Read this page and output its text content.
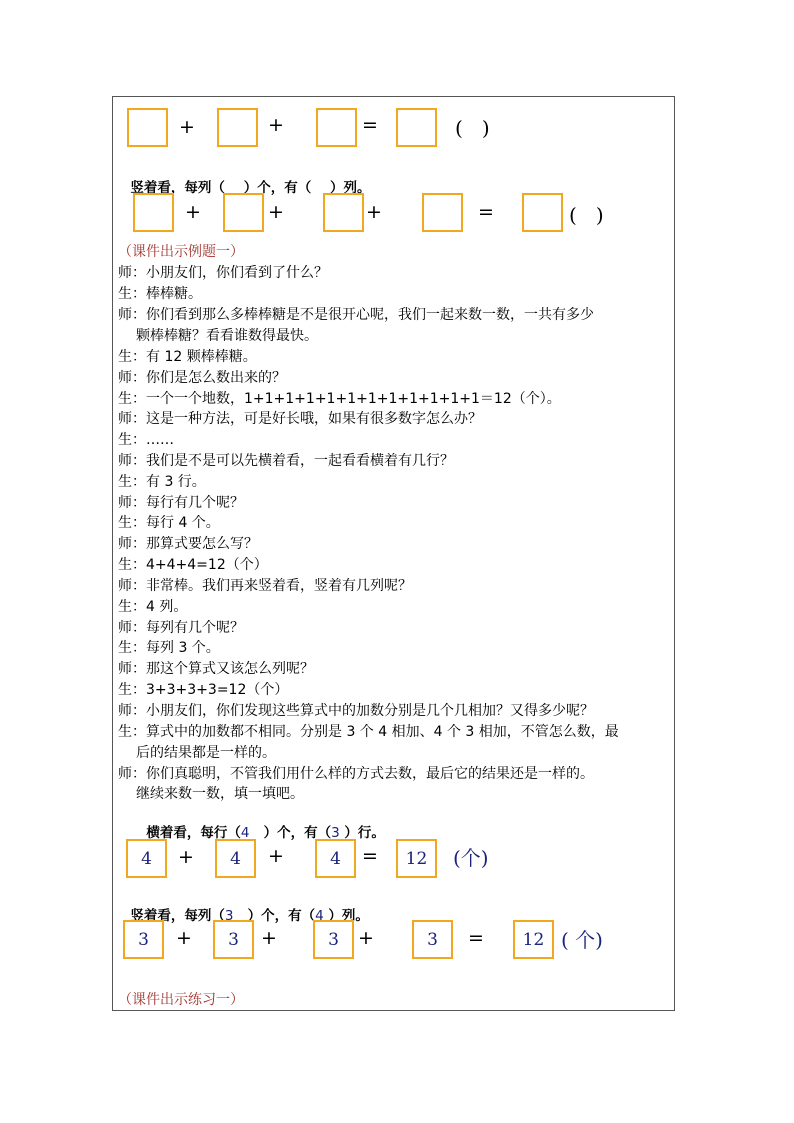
+	+	=	(   )

竖着看，每列（ ）个，有（ ）列。

+	+	+	=	(   )
（课件出示例题一）
师：小朋友们，你们看到了什么？
生：棒棒糖。
师：你们看到那么多棒棒糖是不是很开心呢，我们一起来数一数，一共有多少
颗棒棒糖？看看谁数得最快。
生：有 12 颗棒棒糖。
师：你们是怎么数出来的？
生：一个一个地数，1+1+1+1+1+1+1+1+1+1+1+1＝12（个）。
师：这是一种方法，可是好长哦，如果有很多数字怎么办？
生：……
师：我们是不是可以先横着看，一起看看横着有几行？
生：有 3 行。
师：每行有几个呢？
生：每行 4 个。
师：那算式要怎么写？
生：4+4+4=12（个）
师：非常棒。我们再来竖着看，竖着有几列呢？
生：4 列。
师：每列有几个呢？
生：每列 3 个。
师：那这个算式又该怎么列呢？
生：3+3+3+3=12（个）
师：小朋友们，你们发现这些算式中的加数分别是几个几相加？又得多少呢？
生：算式中的加数都不相同。分别是 3 个 4 相加、4 个 3 相加，不管怎么数，最
后的结果都是一样的。
师：你们真聪明，不管我们用什么样的方式去数，最后它的结果还是一样的。
继续来数一数，填一填吧。

横着看，每行（4 ）个，有（3 ）行。

4	+	4	+	4	=	12	(个)

竖着看，每列（3 ）个，有（4 ）列。

3	+	3	+	3	+	3	=	12 ( 个)
（课件出示练习一）
